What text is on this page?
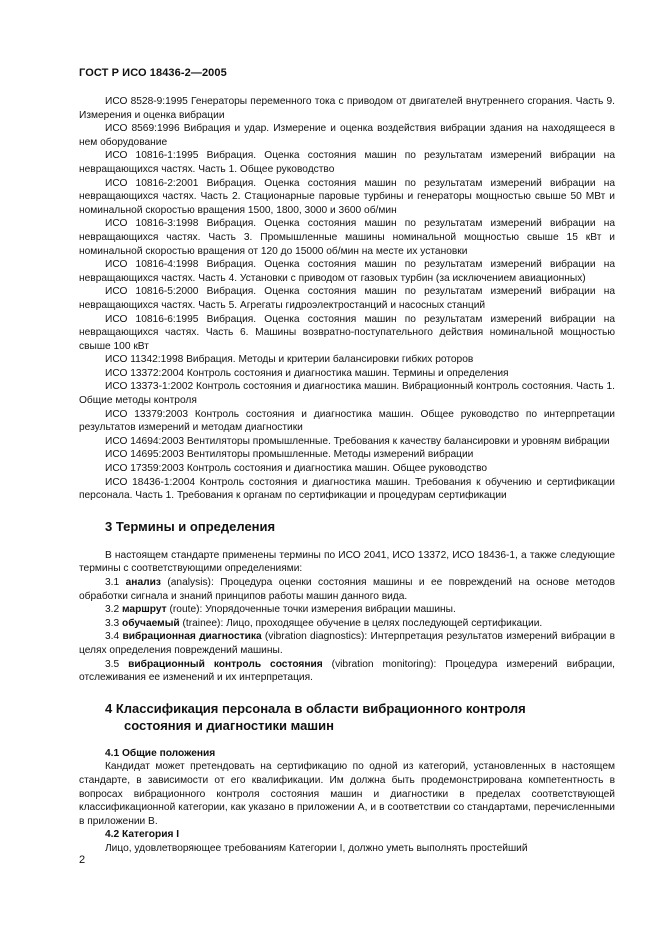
ГОСТ Р ИСО 18436-2—2005

ИСО 8528-9:1995 Генераторы переменного тока с приводом от двигателей внутреннего сгорания. Часть 9. Измерения и оценка вибрации

ИСО 8569:1996 Вибрация и удар. Измерение и оценка воздействия вибрации здания на находящееся в нем оборудование

ИСО 10816-1:1995 Вибрация. Оценка состояния машин по результатам измерений вибрации на невращающихся частях. Часть 1. Общее руководство

ИСО 10816-2:2001 Вибрация. Оценка состояния машин по результатам измерений вибрации на невращающихся частях. Часть 2. Стационарные паровые турбины и генераторы мощностью свыше 50 МВт и номинальной скоростью вращения 1500, 1800, 3000 и 3600 об/мин

ИСО 10816-3:1998 Вибрация. Оценка состояния машин по результатам измерений вибрации на невращающихся частях. Часть 3. Промышленные машины номинальной мощностью свыше 15 кВт и номинальной скоростью вращения от 120 до 15000 об/мин на месте их установки

ИСО 10816-4:1998 Вибрация. Оценка состояния машин по результатам измерений вибрации на невращающихся частях. Часть 4. Установки с приводом от газовых турбин (за исключением авиационных)

ИСО 10816-5:2000 Вибрация. Оценка состояния машин по результатам измерений вибрации на невращающихся частях. Часть 5. Агрегаты гидроэлектростанций и насосных станций

ИСО 10816-6:1995 Вибрация. Оценка состояния машин по результатам измерений вибрации на невращающихся частях. Часть 6. Машины возвратно-поступательного действия номинальной мощностью свыше 100 кВт

ИСО 11342:1998 Вибрация. Методы и критерии балансировки гибких роторов

ИСО 13372:2004 Контроль состояния и диагностика машин. Термины и определения

ИСО 13373-1:2002 Контроль состояния и диагностика машин. Вибрационный контроль состояния. Часть 1. Общие методы контроля

ИСО 13379:2003 Контроль состояния и диагностика машин. Общее руководство по интерпретации результатов измерений и методам диагностики

ИСО 14694:2003 Вентиляторы промышленные. Требования к качеству балансировки и уровням вибрации

ИСО 14695:2003 Вентиляторы промышленные. Методы измерений вибрации

ИСО 17359:2003 Контроль состояния и диагностика машин. Общее руководство

ИСО 18436-1:2004 Контроль состояния и диагностика машин. Требования к обучению и сертификации персонала. Часть 1. Требования к органам по сертификации и процедурам сертификации

3 Термины и определения

В настоящем стандарте применены термины по ИСО 2041, ИСО 13372, ИСО 18436-1, а также следующие термины с соответствующими определениями:

3.1 анализ (analysis): Процедура оценки состояния машины и ее повреждений на основе методов обработки сигнала и знаний принципов работы машин данного вида.

3.2 маршрут (route): Упорядоченные точки измерения вибрации машины.

3.3 обучаемый (trainee): Лицо, проходящее обучение в целях последующей сертификации.

3.4 вибрационная диагностика (vibration diagnostics): Интерпретация результатов измерений вибрации в целях определения повреждений машины.

3.5 вибрационный контроль состояния (vibration monitoring): Процедура измерений вибрации, отслеживания ее изменений и их интерпретация.

4 Классификация персонала в области вибрационного контроля
состояния и диагностики машин

4.1 Общие положения

Кандидат может претендовать на сертификацию по одной из категорий, установленных в настоящем стандарте, в зависимости от его квалификации. Им должна быть продемонстрирована компетентность в вопросах вибрационного контроля состояния машин и диагностики в пределах соответствующей классификационной категории, как указано в приложении А, и в соответствии со стандартами, перечисленными в приложении В.

4.2 Категория I

Лицо, удовлетворяющее требованиям Категории I, должно уметь выполнять простейший

2
